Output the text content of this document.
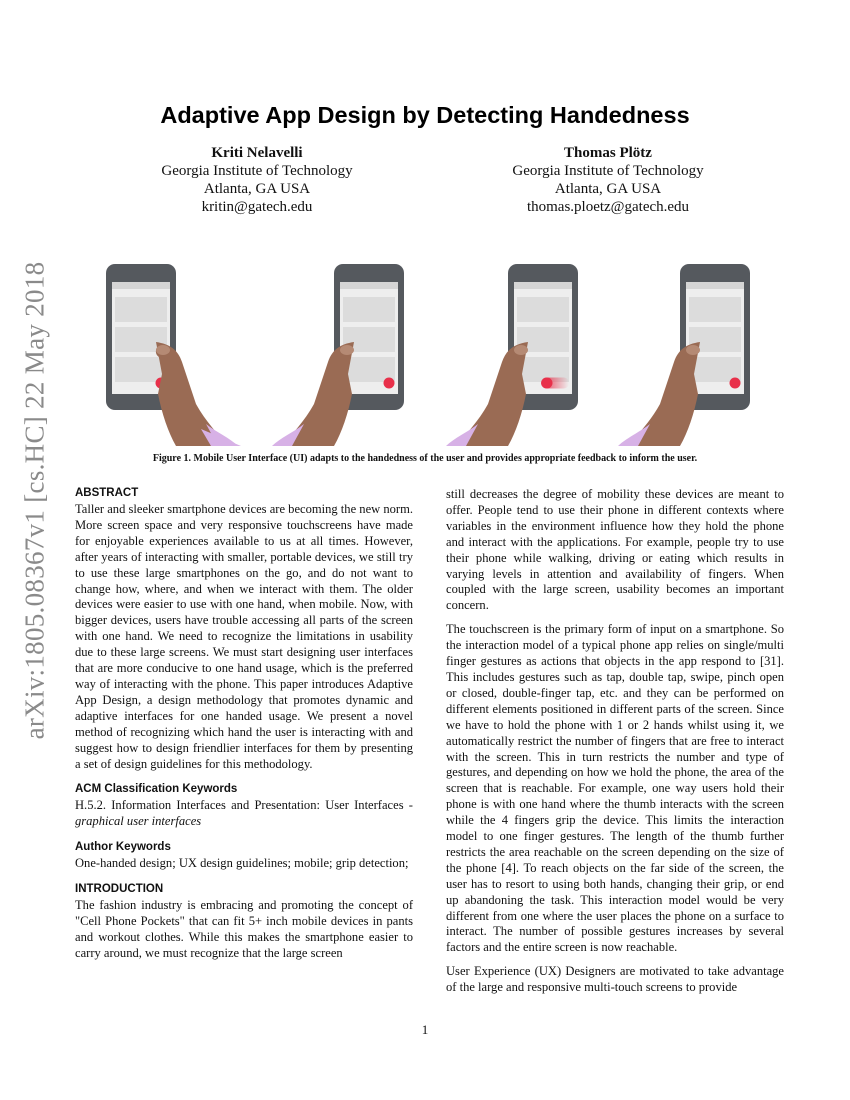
arXiv:1805.08367v1 [cs.HC] 22 May 2018
Adaptive App Design by Detecting Handedness
Kriti Nelavelli
Georgia Institute of Technology
Atlanta, GA USA
kritin@gatech.edu
Thomas Plötz
Georgia Institute of Technology
Atlanta, GA USA
thomas.ploetz@gatech.edu
Figure 1. Mobile User Interface (UI) adapts to the handedness of the user and provides appropriate feedback to inform the user.
ABSTRACT

Taller and sleeker smartphone devices are becoming the new norm. More screen space and very responsive touchscreens have made for enjoyable experiences available to us at all times. However, after years of interacting with smaller, portable devices, we still try to use these large smartphones on the go, and do not want to change how, where, and when we interact with them. The older devices were easier to use with one hand, when mobile. Now, with bigger devices, users have trouble accessing all parts of the screen with one hand. We need to recognize the limitations in usability due to these large screens. We must start designing user interfaces that are more conducive to one hand usage, which is the preferred way of interacting with the phone. This paper introduces Adaptive App Design, a design methodology that promotes dynamic and adaptive interfaces for one handed usage. We present a novel method of recognizing which hand the user is interacting with and suggest how to design friendlier interfaces for them by presenting a set of design guidelines for this methodology.

ACM Classification Keywords

H.5.2. Information Interfaces and Presentation: User Interfaces - graphical user interfaces

Author Keywords

One-handed design; UX design guidelines; mobile; grip detection;

INTRODUCTION

The fashion industry is embracing and promoting the concept of "Cell Phone Pockets" that can fit 5+ inch mobile devices in pants and workout clothes. While this makes the smartphone easier to carry around, we must recognize that the large screen

still decreases the degree of mobility these devices are meant to offer. People tend to use their phone in different contexts where variables in the environment influence how they hold the phone and interact with the applications. For example, people try to use their phone while walking, driving or eating which results in varying levels in attention and availability of fingers. When coupled with the large screen, usability becomes an important concern.

The touchscreen is the primary form of input on a smartphone. So the interaction model of a typical phone app relies on single/multi finger gestures as actions that objects in the app respond to [31]. This includes gestures such as tap, double tap, swipe, pinch open or closed, double-finger tap, etc. and they can be performed on different elements positioned in different parts of the screen. Since we have to hold the phone with 1 or 2 hands whilst using it, we automatically restrict the number of fingers that are free to interact with the screen. This in turn restricts the number and type of gestures, and depending on how we hold the phone, the area of the screen that is reachable. For example, one way users hold their phone is with one hand where the thumb interacts with the screen while the 4 fingers grip the device. This limits the interaction model to one finger gestures. The length of the thumb further restricts the area reachable on the screen depending on the size of the phone [4]. To reach objects on the far side of the screen, the user has to resort to using both hands, changing their grip, or end up abandoning the task. This interaction model would be very different from one where the user places the phone on a surface to interact. The number of possible gestures increases by several factors and the entire screen is now reachable.

User Experience (UX) Designers are motivated to take advantage of the large and responsive multi-touch screens to provide

1
